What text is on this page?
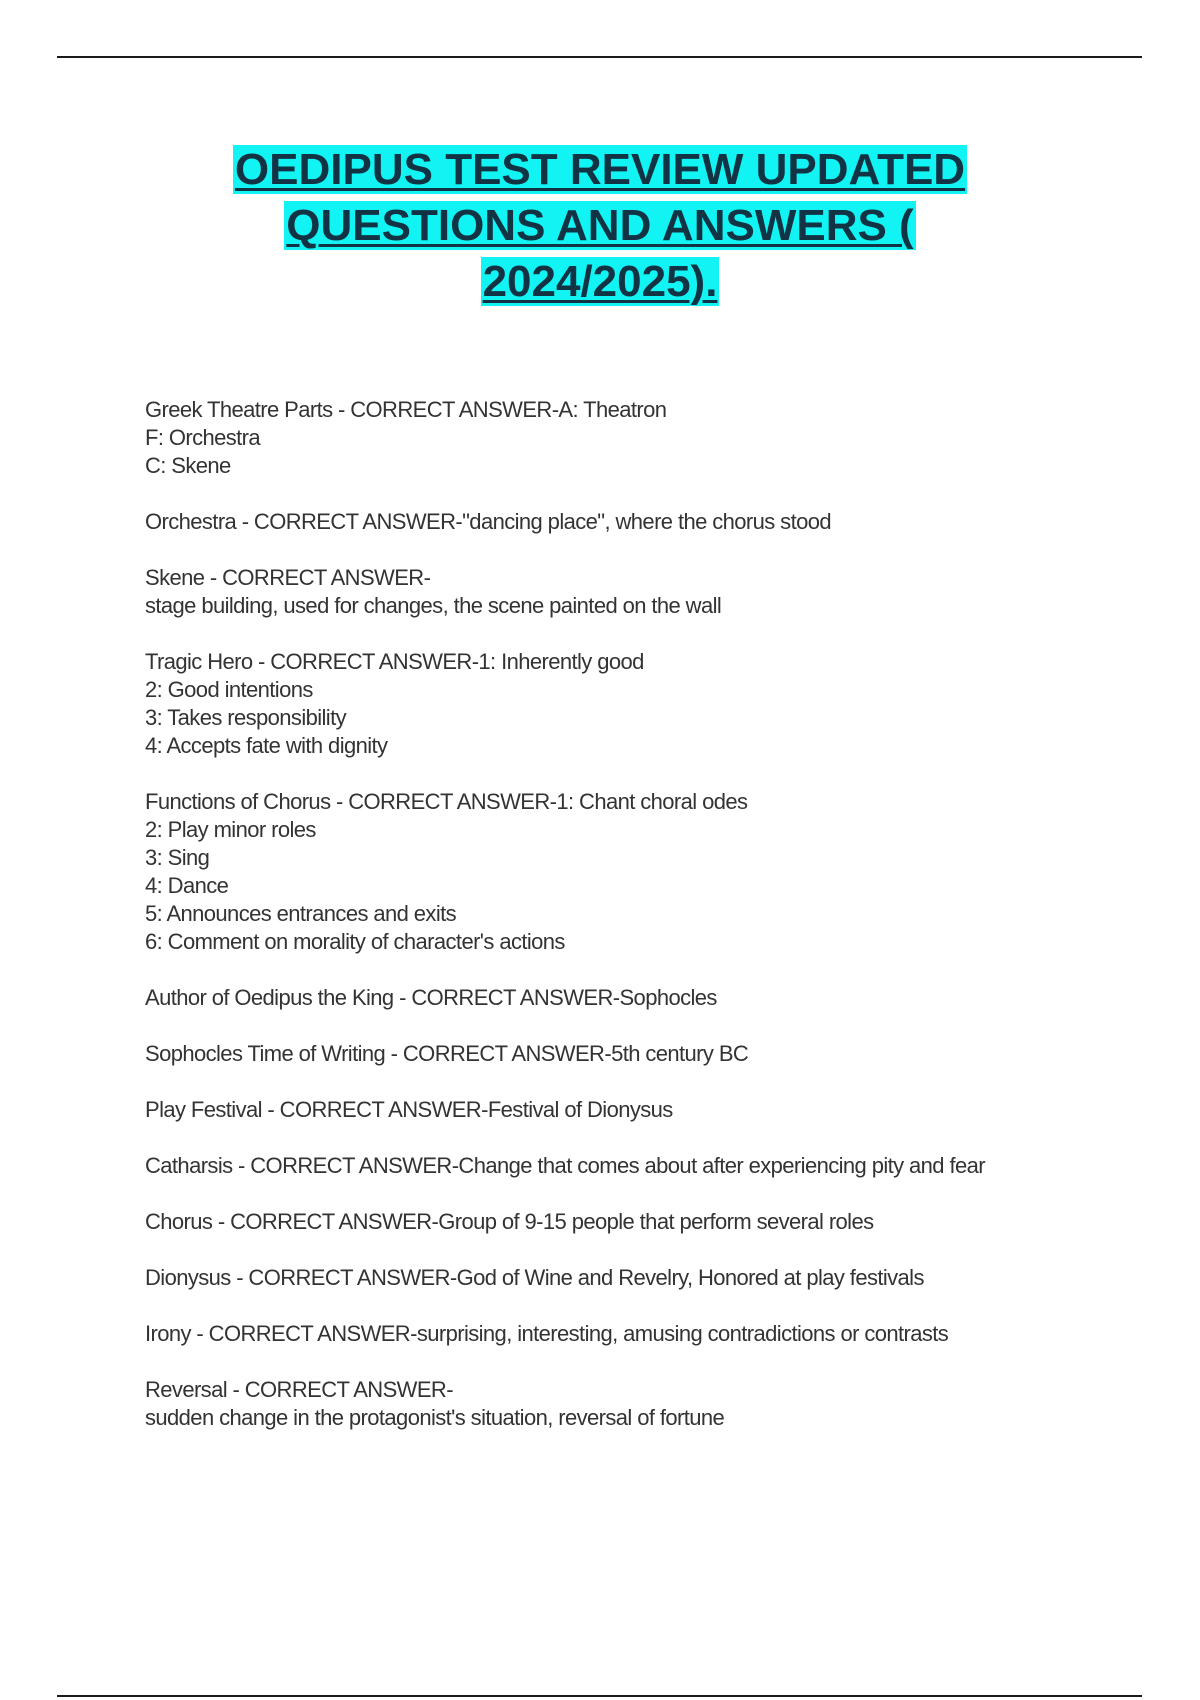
OEDIPUS TEST REVIEW UPDATED
QUESTIONS AND ANSWERS (
2024/2025).
Greek Theatre Parts - CORRECT ANSWER-A: Theatron
F: Orchestra
C: Skene
Orchestra - CORRECT ANSWER-"dancing place", where the chorus stood
Skene - CORRECT ANSWER-
stage building, used for changes, the scene painted on the wall
Tragic Hero - CORRECT ANSWER-1: Inherently good
2: Good intentions
3: Takes responsibility
4: Accepts fate with dignity
Functions of Chorus - CORRECT ANSWER-1: Chant choral odes
2: Play minor roles
3: Sing
4: Dance
5: Announces entrances and exits
6: Comment on morality of character's actions
Author of Oedipus the King - CORRECT ANSWER-Sophocles
Sophocles Time of Writing - CORRECT ANSWER-5th century BC
Play Festival - CORRECT ANSWER-Festival of Dionysus
Catharsis - CORRECT ANSWER-Change that comes about after experiencing pity and fear
Chorus - CORRECT ANSWER-Group of 9-15 people that perform several roles
Dionysus - CORRECT ANSWER-God of Wine and Revelry, Honored at play festivals
Irony - CORRECT ANSWER-surprising, interesting, amusing contradictions or contrasts
Reversal - CORRECT ANSWER-
sudden change in the protagonist's situation, reversal of fortune
